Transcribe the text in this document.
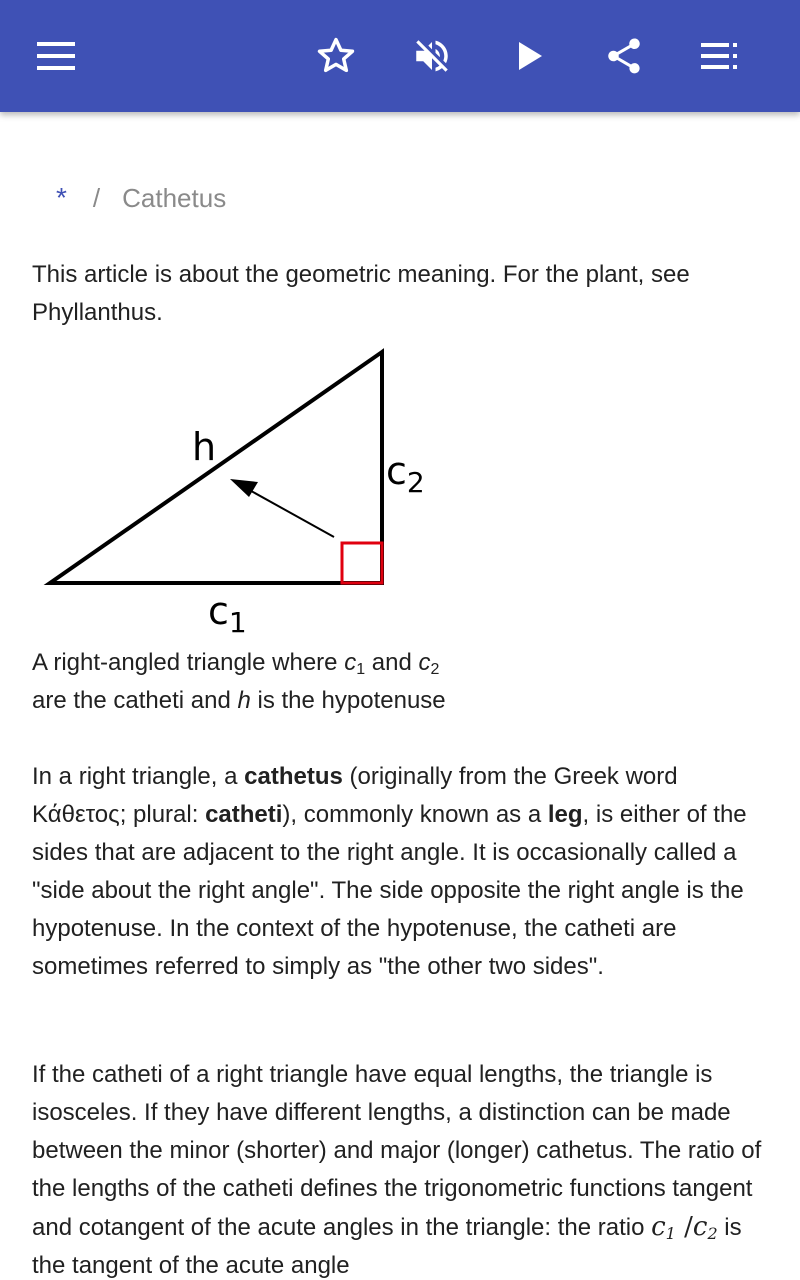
* / Cathetus
This article is about the geometric meaning. For the plant, see Phyllanthus.
h
$c_2$
$c_1$
A right-angled triangle where $c_1$ and $c_2$ are the catheti and h is the hypotenuse
In a right triangle, a cathetus (originally from the Greek word Κάθετος; plural: catheti), commonly known as a leg, is either of the sides that are adjacent to the right angle. It is occasionally called a "side about the right angle". The side opposite the right angle is the hypotenuse. In the context of the hypotenuse, the catheti are sometimes referred to simply as "the other two sides".
If the catheti of a right triangle have equal lengths, the triangle is isosceles. If they have different lengths, a distinction can be made between the minor (shorter) and major (longer) cathetus. The ratio of the lengths of the catheti defines the trigonometric functions tangent and cotangent of the acute angles in the triangle: the ratio $c_1$ $/c_2$ is the tangent of the acute angle
